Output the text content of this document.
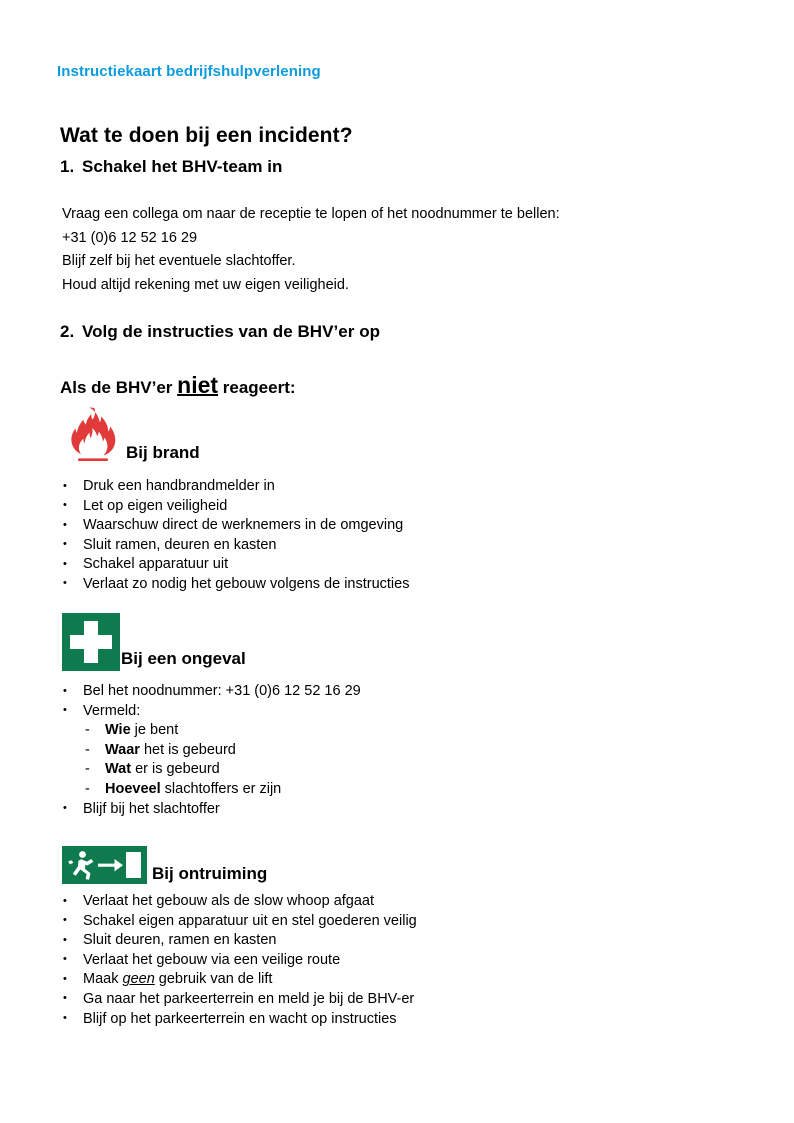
Instructiekaart bedrijfshulpverlening
Wat te doen bij een incident?
1. Schakel het BHV-team in
Vraag een collega om naar de receptie te lopen of het noodnummer te bellen:
+31 (0)6 12 52 16 29
Blijf zelf bij het eventuele slachtoffer.
Houd altijd rekening met uw eigen veiligheid.
2. Volg de instructies van de BHV’er op
Als de BHV’er niet reageert:
Bij brand
• Druk een handbrandmelder in
• Let op eigen veiligheid
• Waarschuw direct de werknemers in de omgeving
• Sluit ramen, deuren en kasten
• Schakel apparatuur uit
• Verlaat zo nodig het gebouw volgens de instructies
Bij een ongeval
• Bel het noodnummer: +31 (0)6 12 52 16 29
• Vermeld:
- Wie je bent
- Waar het is gebeurd
- Wat er is gebeurd
- Hoeveel slachtoffers er zijn
• Blijf bij het slachtoffer
Bij ontruiming
• Verlaat het gebouw als de slow whoop afgaat
• Schakel eigen apparatuur uit en stel goederen veilig
• Sluit deuren, ramen en kasten
• Verlaat het gebouw via een veilige route
• Maak geen gebruik van de lift
• Ga naar het parkeerterrein en meld je bij de BHV-er
• Blijf op het parkeerterrein en wacht op instructies
